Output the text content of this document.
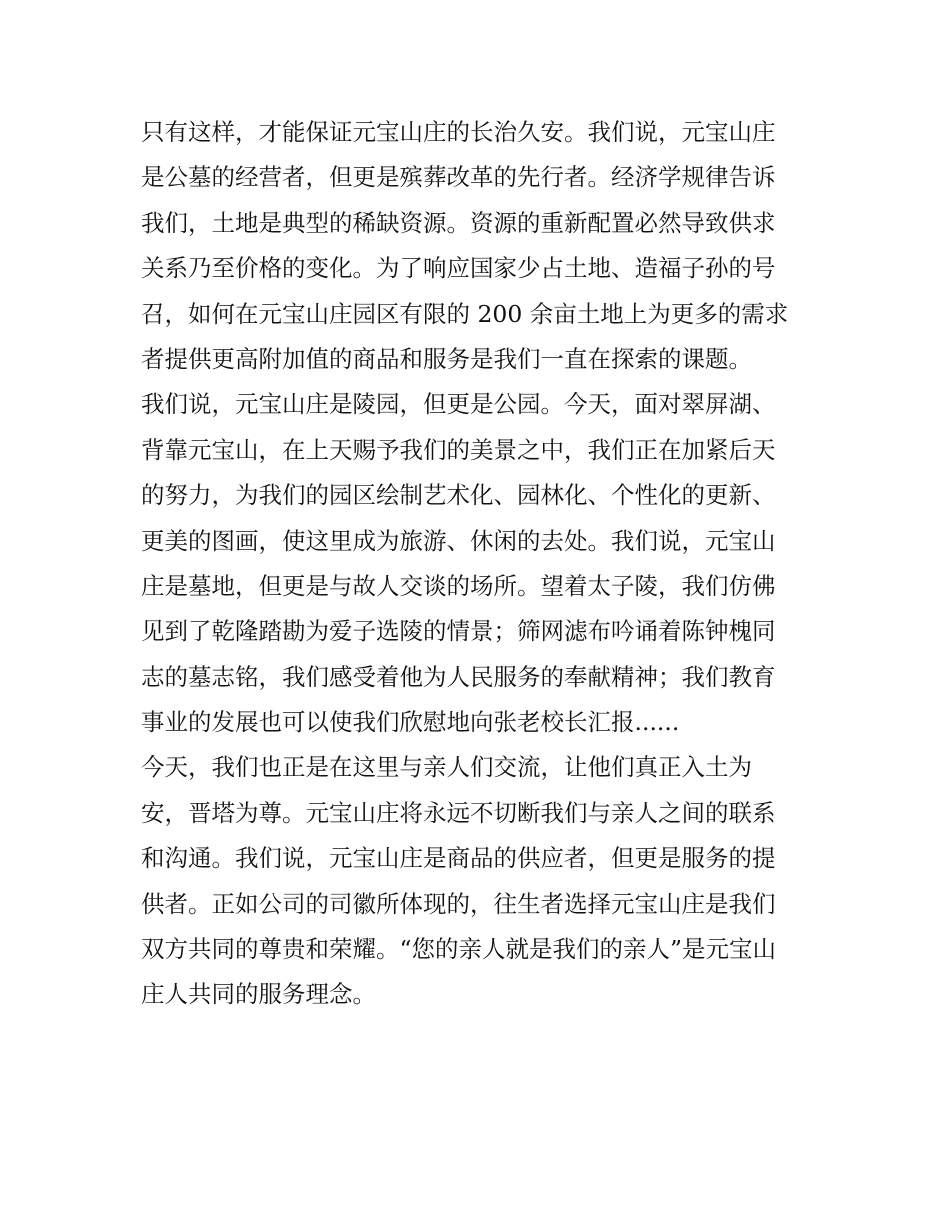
只有这样，才能保证元宝山庄的长治久安。我们说，元宝山庄
是公墓的经营者，但更是殡葬改革的先行者。经济学规律告诉
我们，土地是典型的稀缺资源。资源的重新配置必然导致供求
关系乃至价格的变化。为了响应国家少占土地、造福子孙的号
召，如何在元宝山庄园区有限的 200 余亩土地上为更多的需求
者提供更高附加值的商品和服务是我们一直在探索的课题。
我们说，元宝山庄是陵园，但更是公园。今天，面对翠屏湖、
背靠元宝山，在上天赐予我们的美景之中，我们正在加紧后天
的努力，为我们的园区绘制艺术化、园林化、个性化的更新、
更美的图画，使这里成为旅游、休闲的去处。我们说，元宝山
庄是墓地，但更是与故人交谈的场所。望着太子陵，我们仿佛
见到了乾隆踏勘为爱子选陵的情景；筛网滤布吟诵着陈钟槐同
志的墓志铭，我们感受着他为人民服务的奉献精神；我们教育
事业的发展也可以使我们欣慰地向张老校长汇报......
今天，我们也正是在这里与亲人们交流，让他们真正入土为
安，晋塔为尊。元宝山庄将永远不切断我们与亲人之间的联系
和沟通。我们说，元宝山庄是商品的供应者，但更是服务的提
供者。正如公司的司徽所体现的，往生者选择元宝山庄是我们
双方共同的尊贵和荣耀。“您的亲人就是我们的亲人”是元宝山
庄人共同的服务理念。
